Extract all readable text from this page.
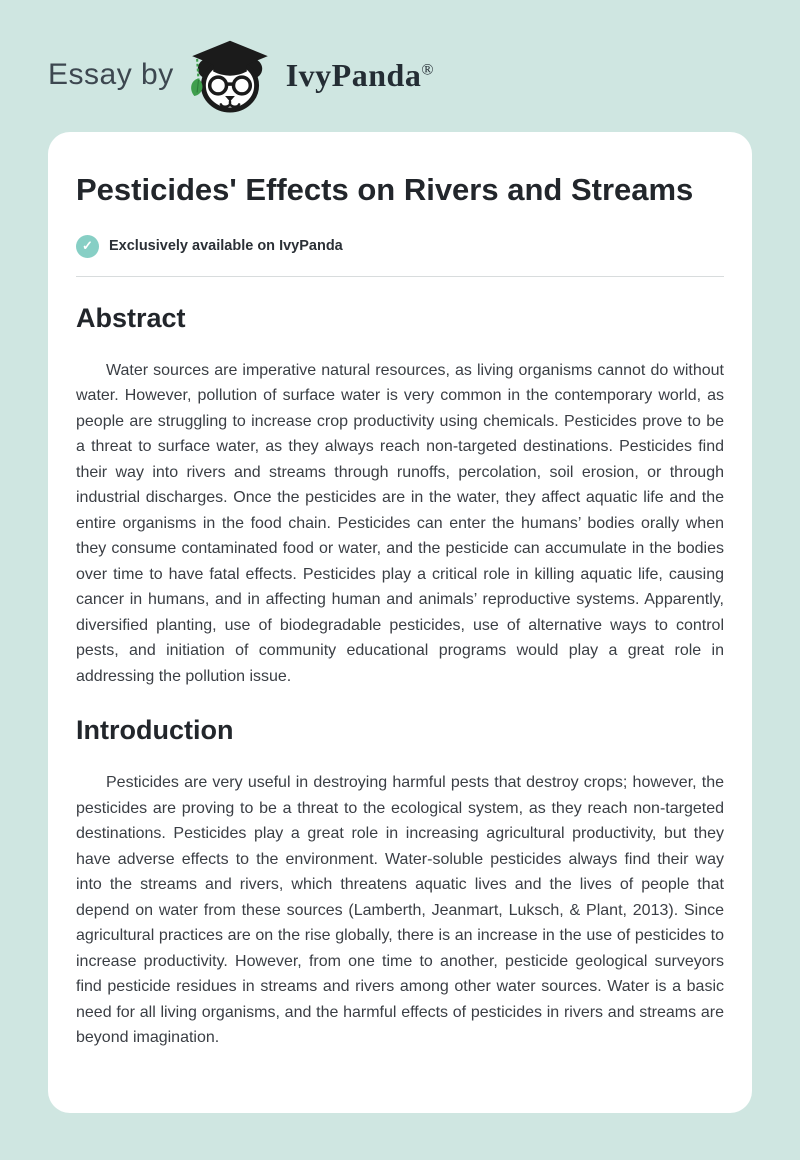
Essay by	IvyPanda®
Pesticides' Effects on Rivers and Streams
✓	Exclusively available on IvyPanda
Abstract

Water sources are imperative natural resources, as living organisms cannot do without water. However, pollution of surface water is very common in the contemporary world, as people are struggling to increase crop productivity using chemicals. Pesticides prove to be a threat to surface water, as they always reach non-targeted destinations. Pesticides find their way into rivers and streams through runoffs, percolation, soil erosion, or through industrial discharges. Once the pesticides are in the water, they affect aquatic life and the entire organisms in the food chain. Pesticides can enter the humans’ bodies orally when they consume contaminated food or water, and the pesticide can accumulate in the bodies over time to have fatal effects. Pesticides play a critical role in killing aquatic life, causing cancer in humans, and in affecting human and animals’ reproductive systems. Apparently, diversified planting, use of biodegradable pesticides, use of alternative ways to control pests, and initiation of community educational programs would play a great role in addressing the pollution issue.

Introduction

Pesticides are very useful in destroying harmful pests that destroy crops; however, the pesticides are proving to be a threat to the ecological system, as they reach non-targeted destinations. Pesticides play a great role in increasing agricultural productivity, but they have adverse effects to the environment. Water-soluble pesticides always find their way into the streams and rivers, which threatens aquatic lives and the lives of people that depend on water from these sources (Lamberth, Jeanmart, Luksch, & Plant, 2013). Since agricultural practices are on the rise globally, there is an increase in the use of pesticides to increase productivity. However, from one time to another, pesticide geological surveyors find pesticide residues in streams and rivers among other water sources. Water is a basic need for all living organisms, and the harmful effects of pesticides in rivers and streams are beyond imagination.
